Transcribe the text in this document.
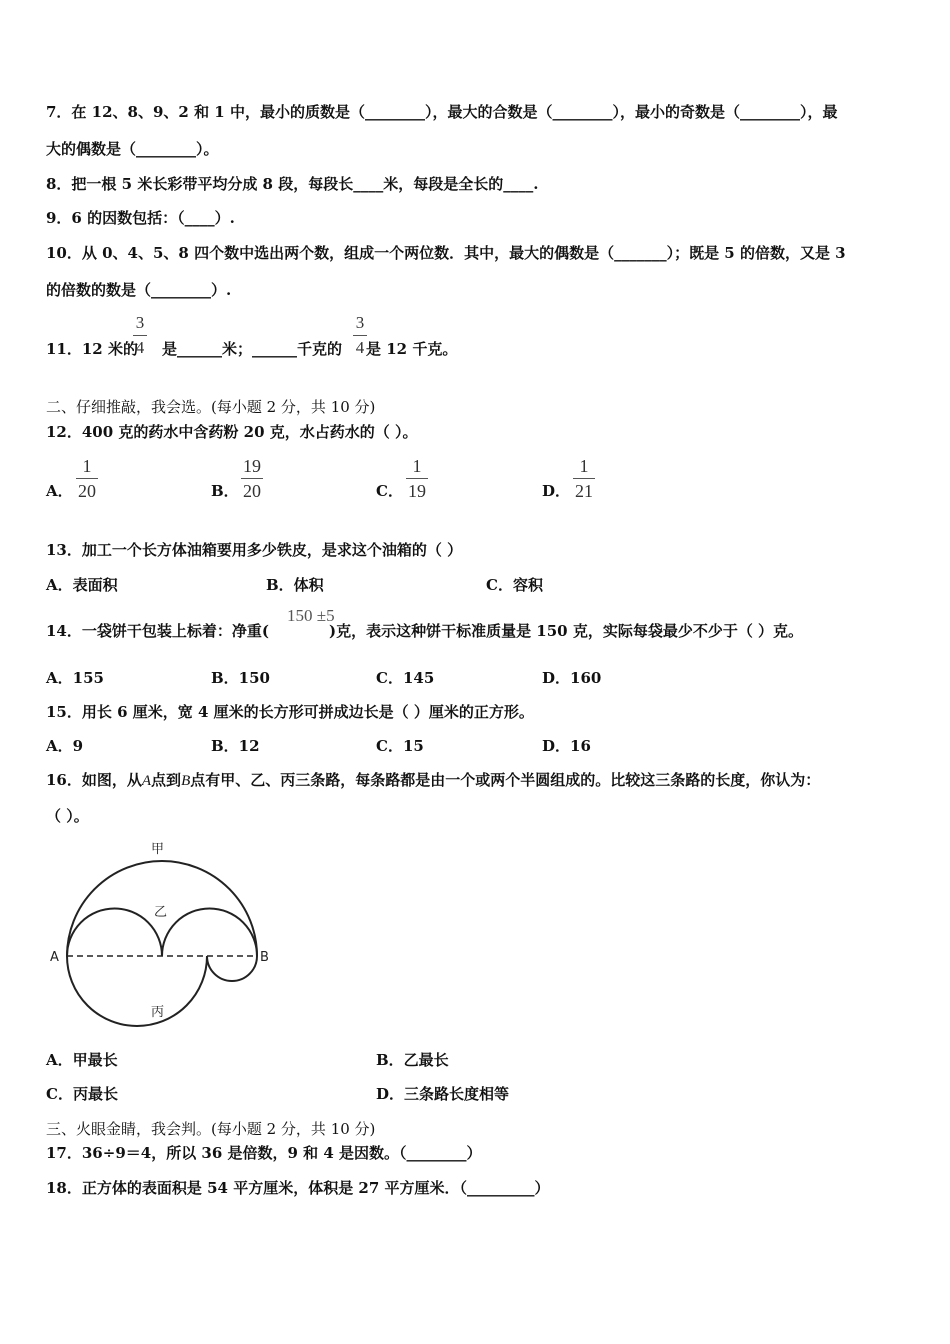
7．在 12、8、9、2 和 1 中，最小的质数是（________），最大的合数是（________），最小的奇数是（________），最
大的偶数是（________）。
8．把一根 5 米长彩带平均分成 8 段，每段长____米，每段是全长的____.
9．6 的因数包括：（____）.
10．从 0、4、5、8 四个数中选出两个数，组成一个两位数．其中，最大的偶数是（_______）；既是 5 的倍数，又是 3
的倍数的数是（________）.
11．12 米的 是______米；______千克的 是 12 千克。
3
4
3
4
二、仔细推敲，我会选。(每小题 2 分，共 10 分)
12．400 克的药水中含药粉 20 克，水占药水的（ ）。
A．
1
20	B．
19
20	C．
1
19	D．
1
21
13．加工一个长方体油箱要用多少铁皮，是求这个油箱的（ ）
A．表面积	B．体积	C．容积
14．一袋饼干包装上标着：净重(	)克，表示这种饼干标准质量是 150 克，实际每袋最少不少于（ ）克。
150 ±5
A．155	B．150	C．145	D．160
15．用长 6 厘米，宽 4 厘米的长方形可拼成边长是（ ）厘米的正方形。
A．9	B．12	C．15	D．16
16．如图，从A点到B点有甲、乙、丙三条路，每条路都是由一个或两个半圆组成的。比较这三条路的长度，你认为：
（ ）。
甲
乙
丙
A	B
A．甲最长	B．乙最长
C．丙最长	D．三条路长度相等
三、火眼金睛，我会判。(每小题 2 分，共 10 分)
17．36÷9＝4，所以 36 是倍数，9 和 4 是因数。（________）
18．正方体的表面积是 54 平方厘米，体积是 27 平方厘米．（_________）
